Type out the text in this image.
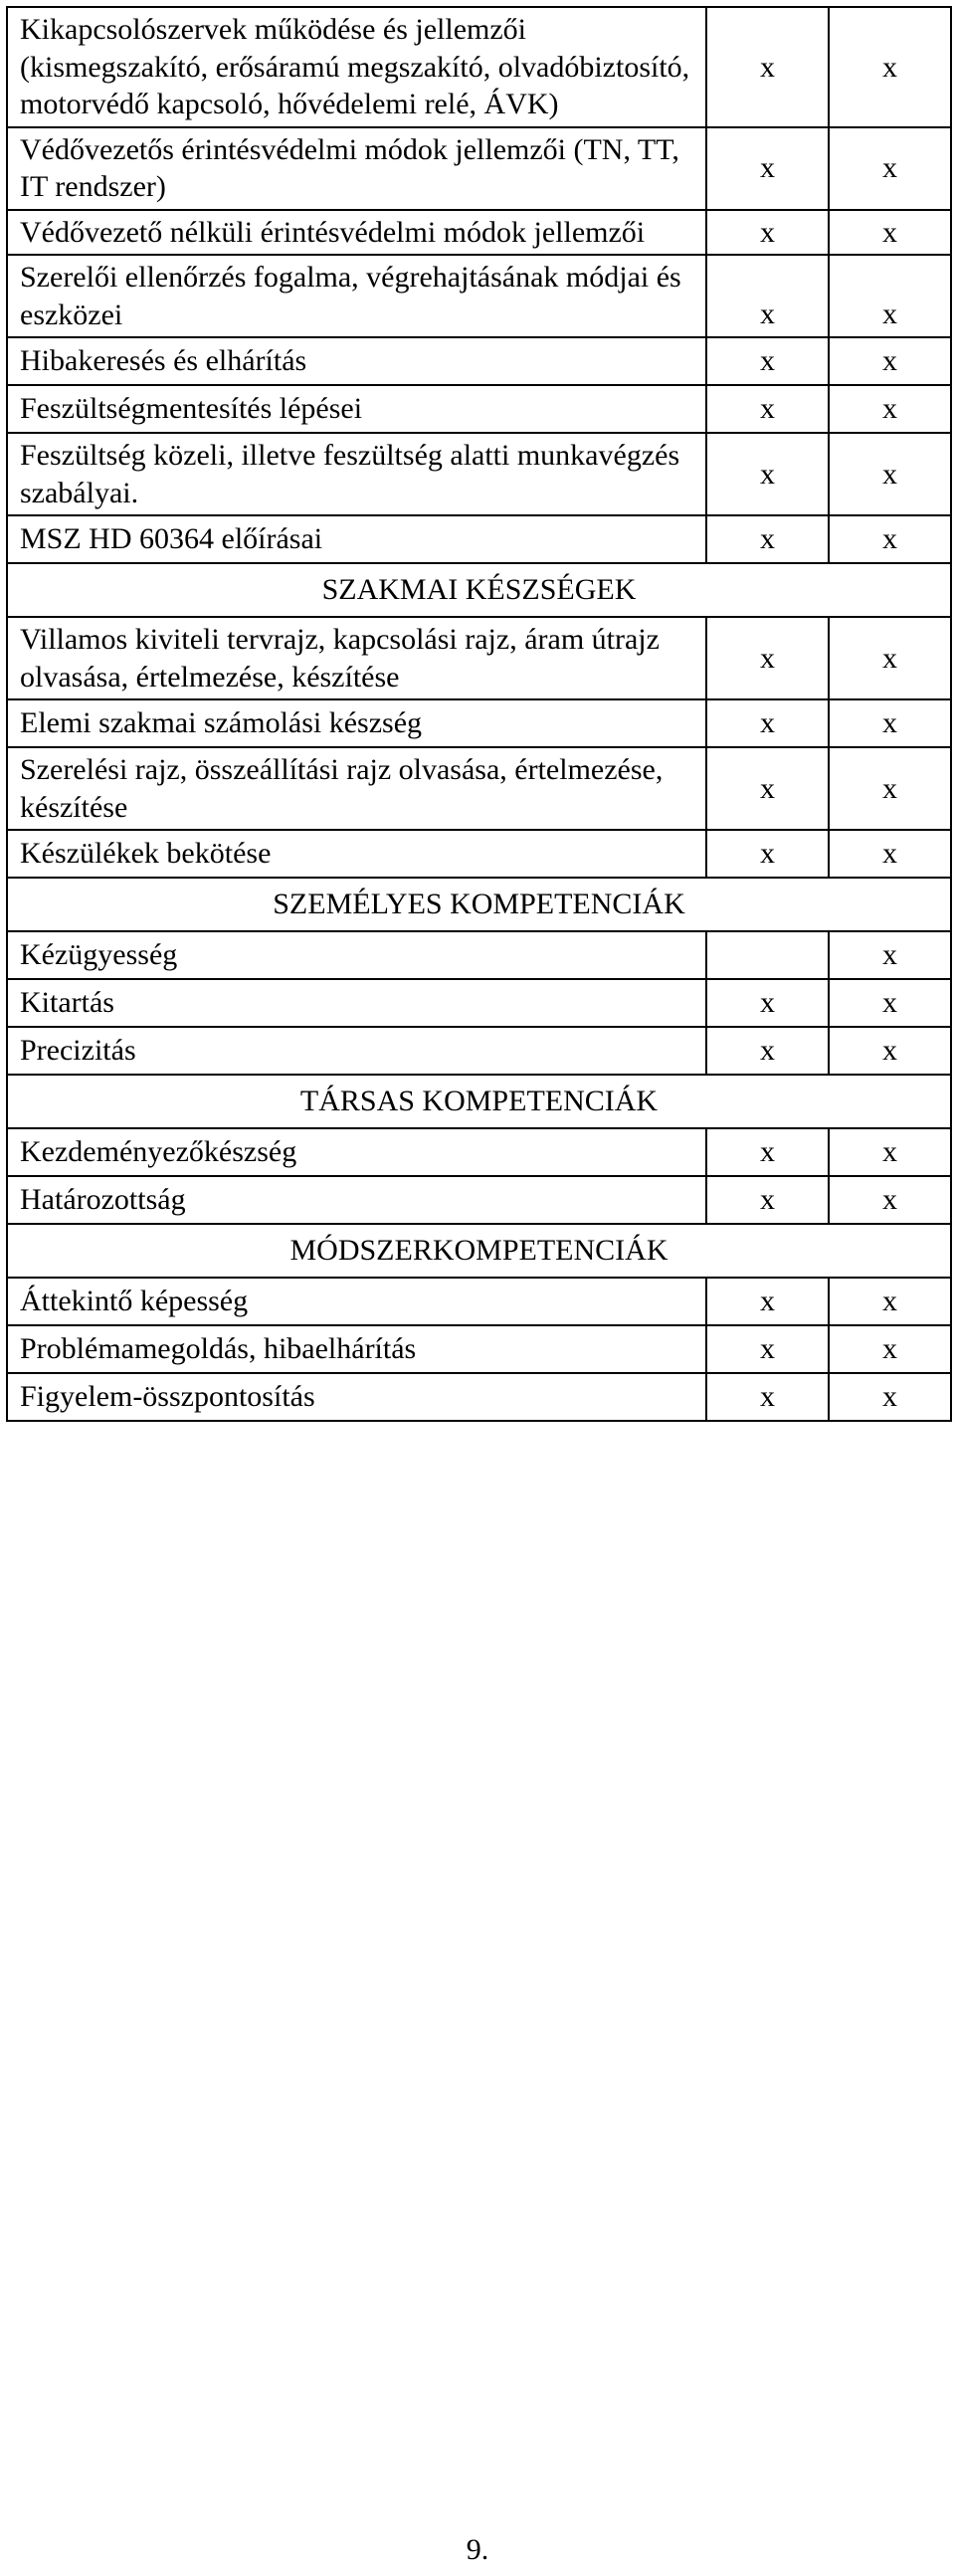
Kikapcsolószervek működése és jellemzői (kismegszakító, erősáramú megszakító, olvadóbiztosító, motorvédő kapcsoló, hővédelemi relé, ÁVK)	x	x
Védővezetős érintésvédelmi módok jellemzői (TN, TT, IT rendszer)	x	x
Védővezető nélküli érintésvédelmi módok jellemzői	x	x
Szerelői ellenőrzés fogalma, végrehajtásának módjai és eszközei	x	x
Hibakeresés és elhárítás	x	x
Feszültségmentesítés lépései	x	x
Feszültség közeli, illetve feszültség alatti munkavégzés szabályai.	x	x
MSZ HD 60364 előírásai	x	x
SZAKMAI KÉSZSÉGEK		
Villamos kiviteli tervrajz, kapcsolási rajz, áram útrajz olvasása, értelmezése, készítése	x	x
Elemi szakmai számolási készség	x	x
Szerelési rajz, összeállítási rajz olvasása, értelmezése, készítése	x	x
Készülékek bekötése	x	x
SZEMÉLYES KOMPETENCIÁK		
Kézügyesség		x
Kitartás	x	x
Precizitás	x	x
TÁRSAS KOMPETENCIÁK		
Kezdeményezőkészség	x	x
Határozottság	x	x
MÓDSZERKOMPETENCIÁK		
Áttekintő képesség	x	x
Problémamegoldás, hibaelhárítás	x	x
Figyelem-összpontosítás	x	x
9.
